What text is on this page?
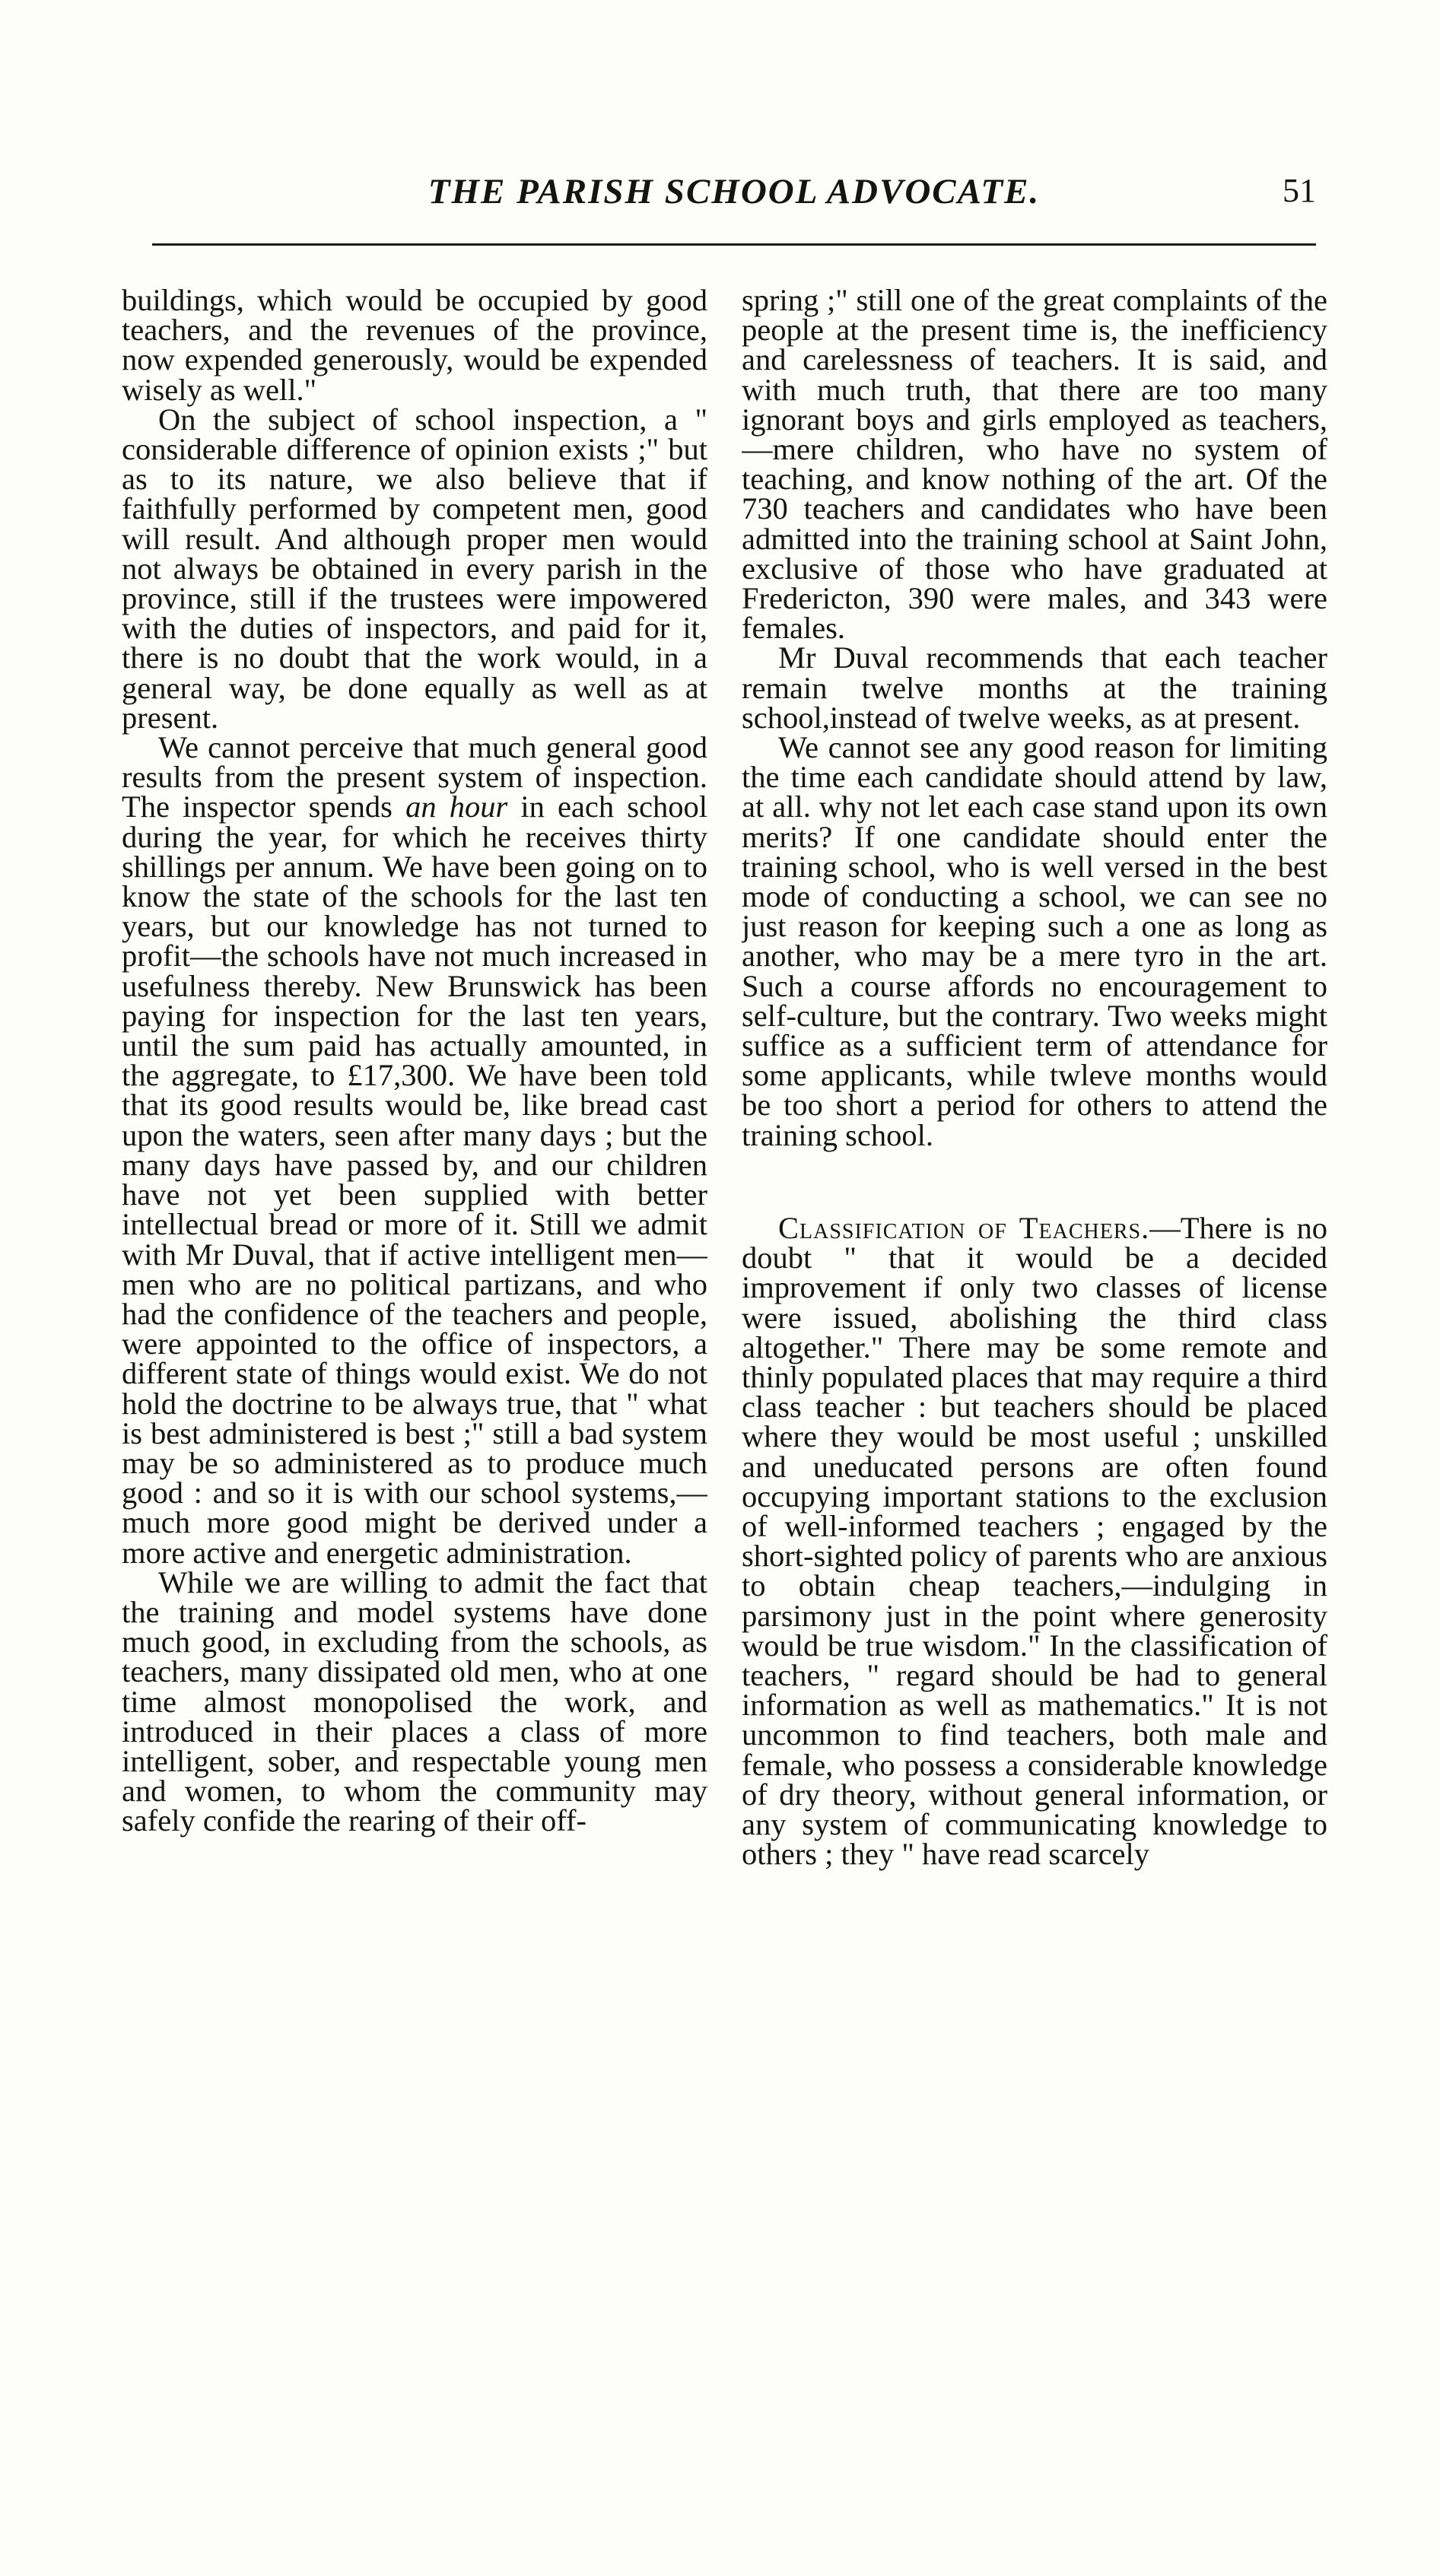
THE PARISH SCHOOL ADVOCATE.	51

buildings, which would be occupied by good teachers, and the revenues of the province, now expended generously, would be expended wisely as well."

On the subject of school inspection, a " considerable difference of opinion exists ;" but as to its nature, we also believe that if faithfully performed by competent men, good will result. And although proper men would not always be obtained in every parish in the province, still if the trustees were impowered with the duties of inspectors, and paid for it, there is no doubt that the work would, in a general way, be done equally as well as at present.

We cannot perceive that much general good results from the present system of inspection. The inspector spends an hour in each school during the year, for which he receives thirty shillings per annum. We have been going on to know the state of the schools for the last ten years, but our knowledge has not turned to profit—the schools have not much increased in usefulness thereby. New Brunswick has been paying for inspection for the last ten years, until the sum paid has actually amounted, in the aggregate, to £17,300. We have been told that its good results would be, like bread cast upon the waters, seen after many days ; but the many days have passed by, and our children have not yet been supplied with better intellectual bread or more of it. Still we admit with Mr Duval, that if active intelligent men—men who are no political partizans, and who had the confidence of the teachers and people, were appointed to the office of inspectors, a different state of things would exist. We do not hold the doctrine to be always true, that " what is best administered is best ;" still a bad system may be so administered as to produce much good : and so it is with our school systems,—much more good might be derived under a more active and energetic administration.

While we are willing to admit the fact that the training and model systems have done much good, in excluding from the schools, as teachers, many dissipated old men, who at one time almost monopolised the work, and introduced in their places a class of more intelligent, sober, and respectable young men and women, to whom the community may safely confide the rearing of their off-

spring ;" still one of the great complaints of the people at the present time is, the inefficiency and carelessness of teachers. It is said, and with much truth, that there are too many ignorant boys and girls employed as teachers,—mere children, who have no system of teaching, and know nothing of the art. Of the 730 teachers and candidates who have been admitted into the training school at Saint John, exclusive of those who have graduated at Fredericton, 390 were males, and 343 were females.

Mr Duval recommends that each teacher remain twelve months at the training school,instead of twelve weeks, as at present.

We cannot see any good reason for limiting the time each candidate should attend by law, at all. why not let each case stand upon its own merits? If one candidate should enter the training school, who is well versed in the best mode of conducting a school, we can see no just reason for keeping such a one as long as another, who may be a mere tyro in the art. Such a course affords no encouragement to self-culture, but the contrary. Two weeks might suffice as a sufficient term of attendance for some applicants, while twleve months would be too short a period for others to attend the training school.

Classification of Teachers.—There is no doubt " that it would be a decided improvement if only two classes of license were issued, abolishing the third class altogether." There may be some remote and thinly populated places that may require a third class teacher : but teachers should be placed where they would be most useful ; unskilled and uneducated persons are often found occupying important stations to the exclusion of well-informed teachers ; engaged by the short-sighted policy of parents who are anxious to obtain cheap teachers,—indulging in parsimony just in the point where generosity would be true wisdom." In the classification of teachers, " regard should be had to general information as well as mathematics." It is not uncommon to find teachers, both male and female, who possess a considerable knowledge of dry theory, without general information, or any system of communicating knowledge to others ; they " have read scarcely
